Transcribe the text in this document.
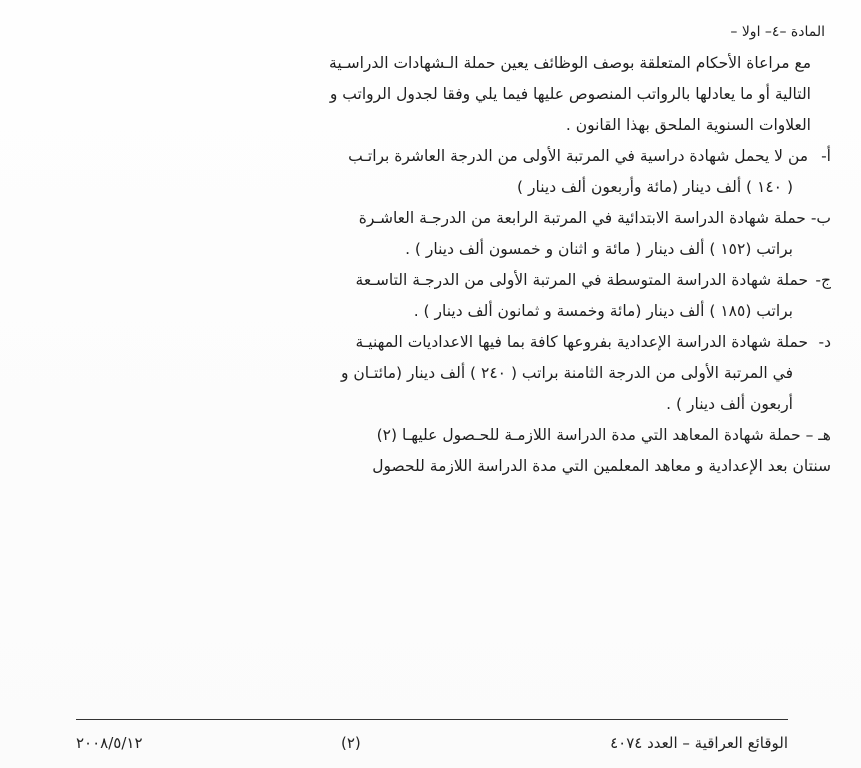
المادة –٤– اولا –
مع مراعاة الأحكام المتعلقة بوصف الوظائف يعين حملة الـشهادات الدراسـية
التالية أو ما يعادلها بالرواتب المنصوص عليها فيما يلي وفقا لجدول الرواتب و
العلاوات السنوية الملحق بهذا القانون .
أ- من لا يحمل شهادة دراسية في المرتبة الأولى من الدرجة العاشرة براتـب
( ١٤٠ ) ألف دينار (مائة وأربعون ألف دينار )
ب- حملة شهادة الدراسة الابتدائية في المرتبة الرابعة من الدرجـة العاشـرة
براتب (١٥٢ ) ألف دينار ( مائة و اثنان و خمسون ألف دينار ) .
ج- حملة شهادة الدراسة المتوسطة في المرتبة الأولى من الدرجـة التاسـعة
براتب (١٨٥ ) ألف دينار (مائة وخمسة و ثمانون ألف دينار ) .
د- حملة شهادة الدراسة الإعدادية بفروعها كافة بما فيها الاعداديات المهنيـة
في المرتبة الأولى من الدرجة الثامنة براتب ( ٢٤٠ ) ألف دينار (مائتـان و
أربعون ألف دينار ) .
هـ – حملة شهادة المعاهد التي مدة الدراسة اللازمـة للحـصول عليهـا (٢)
سنتان بعد الإعدادية و معاهد المعلمين التي مدة الدراسة اللازمة للحصول
الوقائع العراقية – العدد ٤٠٧٤
(٢)
٢٠٠٨/٥/١٢
